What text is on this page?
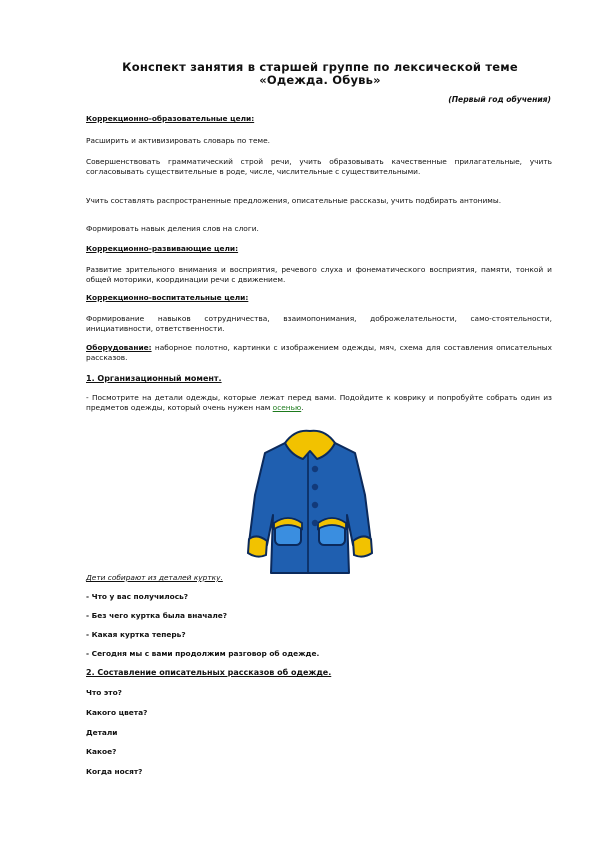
Конспект занятия в старшей группе по лексической теме
«Одежда. Обувь»
(Первый год обучения)
Коррекционно-образовательные цели:
Расширить и активизировать словарь по теме.
Совершенствовать грамматический строй речи, учить образовывать качественные прилагательные, учить согласовывать существительные в роде, числе, числительные с существительными.
Учить составлять распространенные предложения, описательные рассказы, учить подбирать антонимы.
Формировать навык деления слов на слоги.
Коррекционно-развивающие цели:
Развитие зрительного внимания и восприятия, речевого слуха и фонематического восприятия, памяти, тонкой и общей моторики, координации речи с движением.
Коррекционно-воспитательные цели:
Формирование навыков сотрудничества, взаимопонимания, доброжелательности, само-стоятельности, инициативности, ответственности.
Оборудование: наборное полотно, картинки с изображением одежды, мяч, схема для составления описательных рассказов.
1. Организационный момент.
- Посмотрите на детали одежды, которые лежат перед вами. Подойдите к коврику и попробуйте собрать один из предметов одежды, который очень нужен нам осенью.
Дети собирают из деталей куртку.
- Что у вас получилось?
- Без чего куртка была вначале?
- Какая куртка теперь?
- Сегодня мы с вами продолжим разговор об одежде.
2. Составление описательных рассказов об одежде.
Что это?
Какого цвета?
Детали
Какое?
Когда носят?
